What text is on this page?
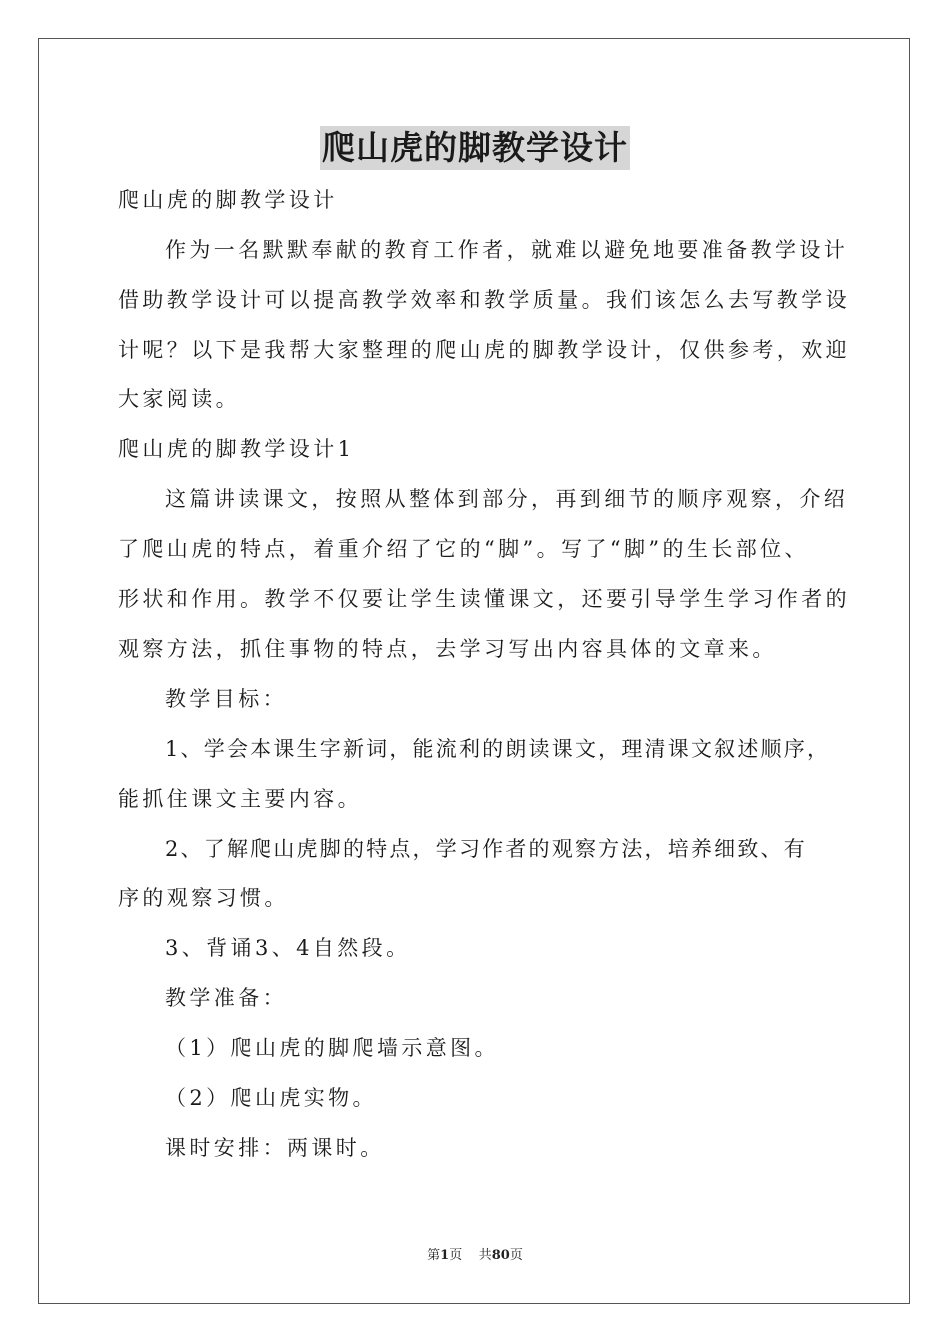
爬山虎的脚教学设计

爬山虎的脚教学设计

作为一名默默奉献的教育工作者，就难以避免地要准备教学设计

借助教学设计可以提高教学效率和教学质量。我们该怎么去写教学设

计呢？以下是我帮大家整理的爬山虎的脚教学设计，仅供参考，欢迎

大家阅读。

爬山虎的脚教学设计1

这篇讲读课文，按照从整体到部分，再到细节的顺序观察，介绍

了爬山虎的特点，着重介绍了它的“脚”。写了“脚”的生长部位、

形状和作用。教学不仅要让学生读懂课文，还要引导学生学习作者的

观察方法，抓住事物的特点，去学习写出内容具体的文章来。

教学目标：

1、学会本课生字新词，能流利的朗读课文，理清课文叙述顺序，

能抓住课文主要内容。

2、了解爬山虎脚的特点，学习作者的观察方法，培养细致、有

序的观察习惯。

3、背诵3、4自然段。

教学准备：

（1）爬山虎的脚爬墙示意图。

（2）爬山虎实物。

课时安排：两课时。

第1页 共80页
